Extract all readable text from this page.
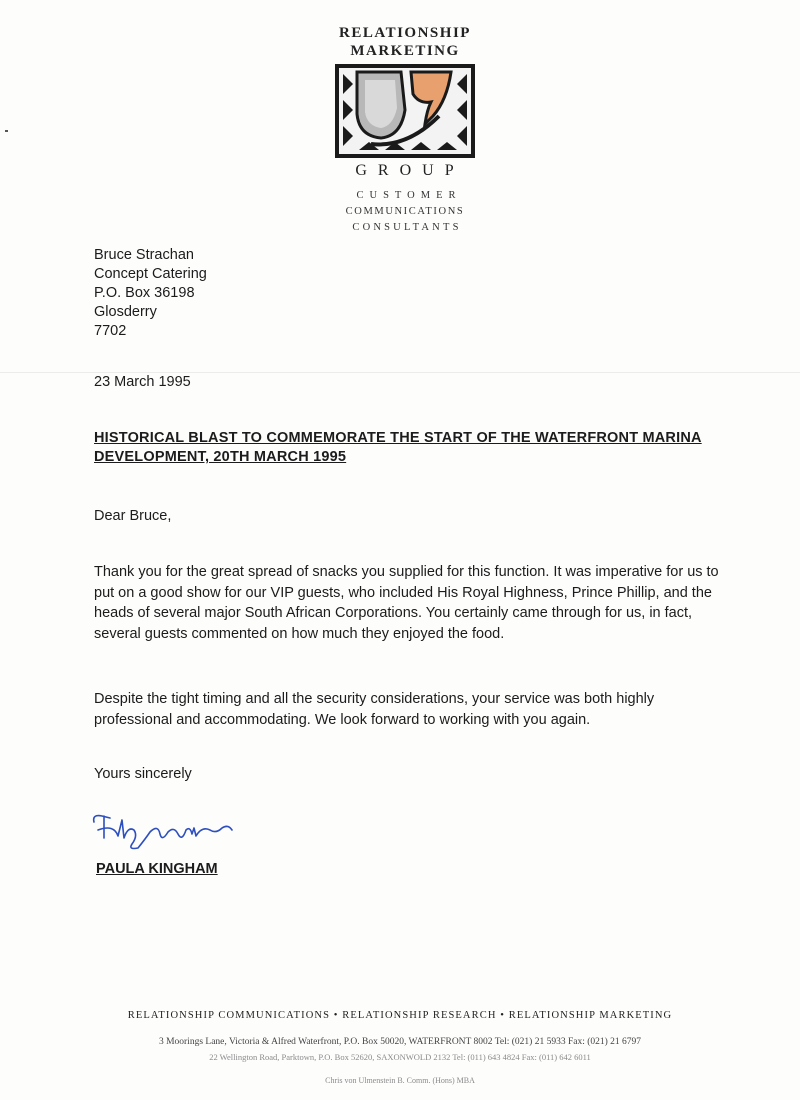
RELATIONSHIP
MARKETING
GROUP
CUSTOMER
COMMUNICATIONS
CONSULTANTS
Bruce Strachan
Concept Catering
P.O. Box 36198
Glosderry
7702
23 March 1995
HISTORICAL BLAST TO COMMEMORATE THE START OF THE WATERFRONT MARINA DEVELOPMENT, 20TH MARCH 1995
Dear Bruce,

Thank you for the great spread of snacks you supplied for this function. It was imperative for us to put on a good show for our VIP guests, who included His Royal Highness, Prince Phillip, and the heads of several major South African Corporations. You certainly came through for us, in fact, several guests commented on how much they enjoyed the food.

Despite the tight timing and all the security considerations, your service was both highly professional and accommodating. We look forward to working with you again.

Yours sincerely
PAULA KINGHAM
RELATIONSHIP COMMUNICATIONS • RELATIONSHIP RESEARCH • RELATIONSHIP MARKETING
3 Moorings Lane, Victoria & Alfred Waterfront, P.O. Box 50020, WATERFRONT 8002 Tel: (021) 21 5933 Fax: (021) 21 6797
22 Wellington Road, Parktown, P.O. Box 52620, SAXONWOLD 2132 Tel: (011) 643 4824 Fax: (011) 642 6011
Chris von Ulmenstein B. Comm. (Hons) MBA
